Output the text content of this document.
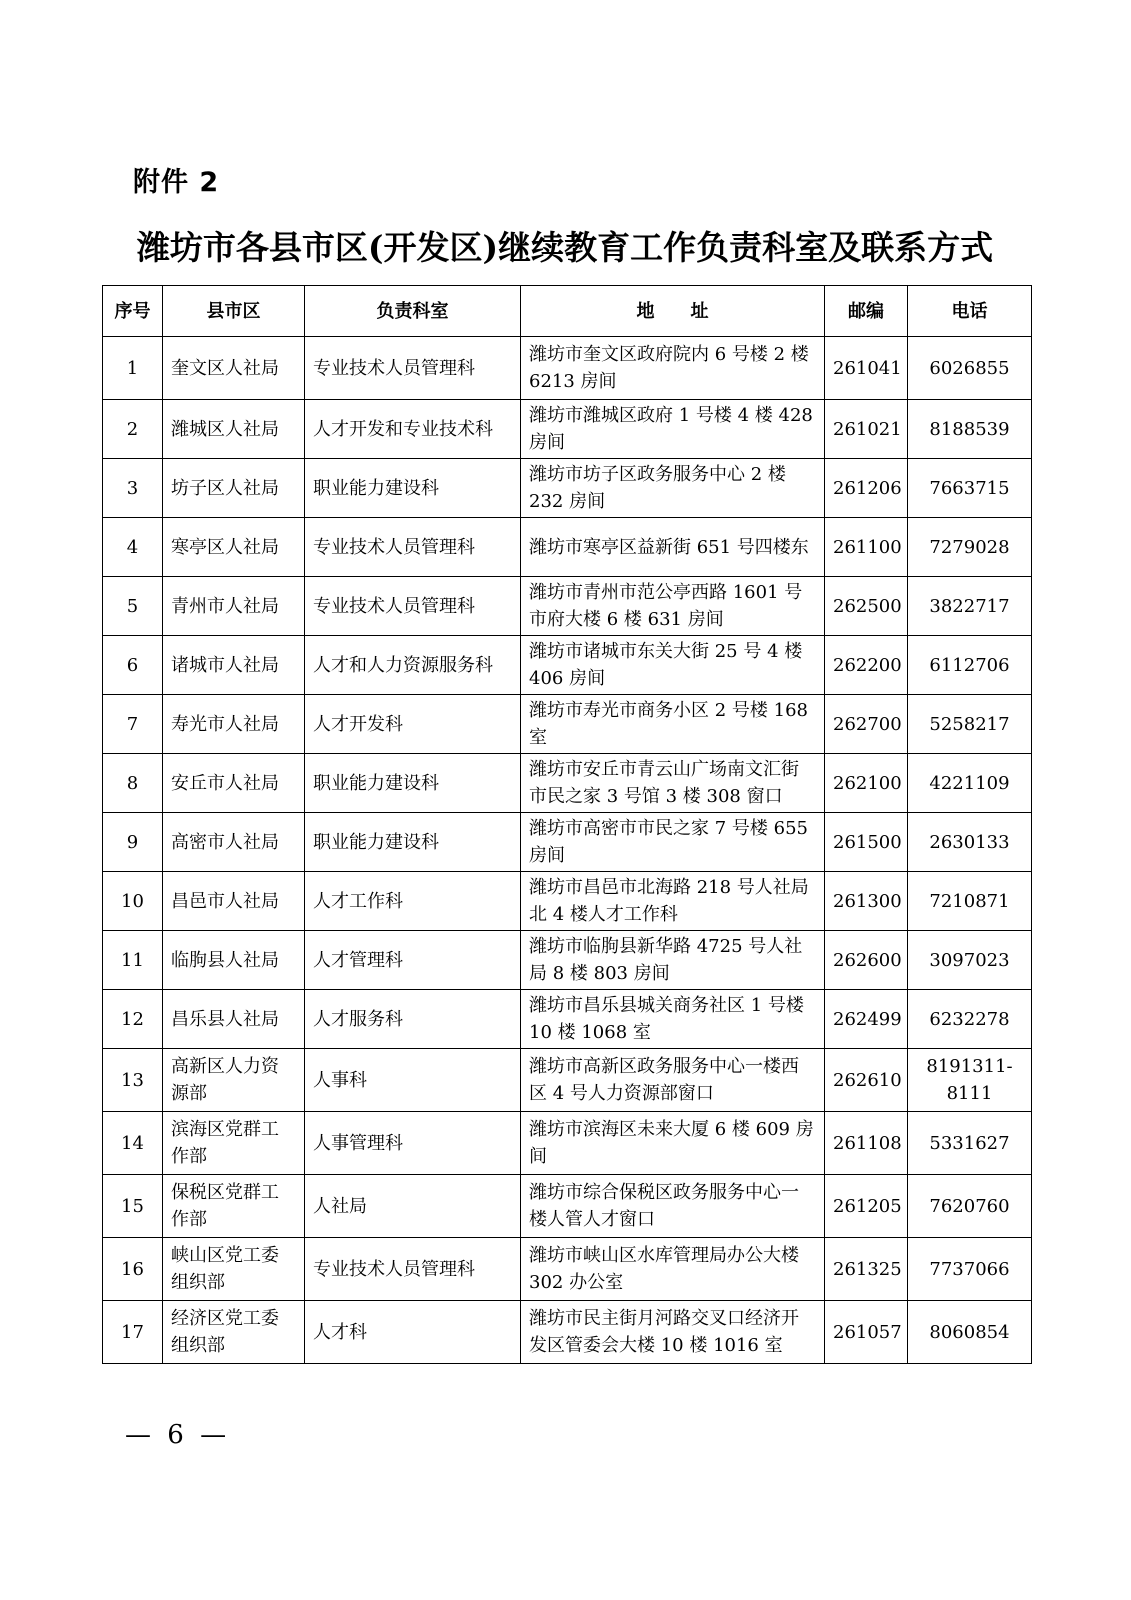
附件 2
潍坊市各县市区(开发区)继续教育工作负责科室及联系方式
序号	县市区	负责科室	地　　址	邮编	电话
1	奎文区人社局	专业技术人员管理科	潍坊市奎文区政府院内 6 号楼 2 楼 6213 房间	261041	6026855
2	潍城区人社局	人才开发和专业技术科	潍坊市潍城区政府 1 号楼 4 楼 428 房间	261021	8188539
3	坊子区人社局	职业能力建设科	潍坊市坊子区政务服务中心 2 楼 232 房间	261206	7663715
4	寒亭区人社局	专业技术人员管理科	潍坊市寒亭区益新街 651 号四楼东	261100	7279028
5	青州市人社局	专业技术人员管理科	潍坊市青州市范公亭西路 1601 号市府大楼 6 楼 631 房间	262500	3822717
6	诸城市人社局	人才和人力资源服务科	潍坊市诸城市东关大街 25 号 4 楼 406 房间	262200	6112706
7	寿光市人社局	人才开发科	潍坊市寿光市商务小区 2 号楼 168 室	262700	5258217
8	安丘市人社局	职业能力建设科	潍坊市安丘市青云山广场南文汇街市民之家 3 号馆 3 楼 308 窗口	262100	4221109
9	高密市人社局	职业能力建设科	潍坊市高密市市民之家 7 号楼 655 房间	261500	2630133
10	昌邑市人社局	人才工作科	潍坊市昌邑市北海路 218 号人社局北 4 楼人才工作科	261300	7210871
11	临朐县人社局	人才管理科	潍坊市临朐县新华路 4725 号人社局 8 楼 803 房间	262600	3097023
12	昌乐县人社局	人才服务科	潍坊市昌乐县城关商务社区 1 号楼 10 楼 1068 室	262499	6232278
13	高新区人力资源部	人事科	潍坊市高新区政务服务中心一楼西区 4 号人力资源部窗口	262610	8191311-8111
14	滨海区党群工作部	人事管理科	潍坊市滨海区未来大厦 6 楼 609 房间	261108	5331627
15	保税区党群工作部	人社局	潍坊市综合保税区政务服务中心一楼人管人才窗口	261205	7620760
16	峡山区党工委组织部	专业技术人员管理科	潍坊市峡山区水库管理局办公大楼 302 办公室	261325	7737066
17	经济区党工委组织部	人才科	潍坊市民主街月河路交叉口经济开发区管委会大楼 10 楼 1016 室	261057	8060854
— 6 —
